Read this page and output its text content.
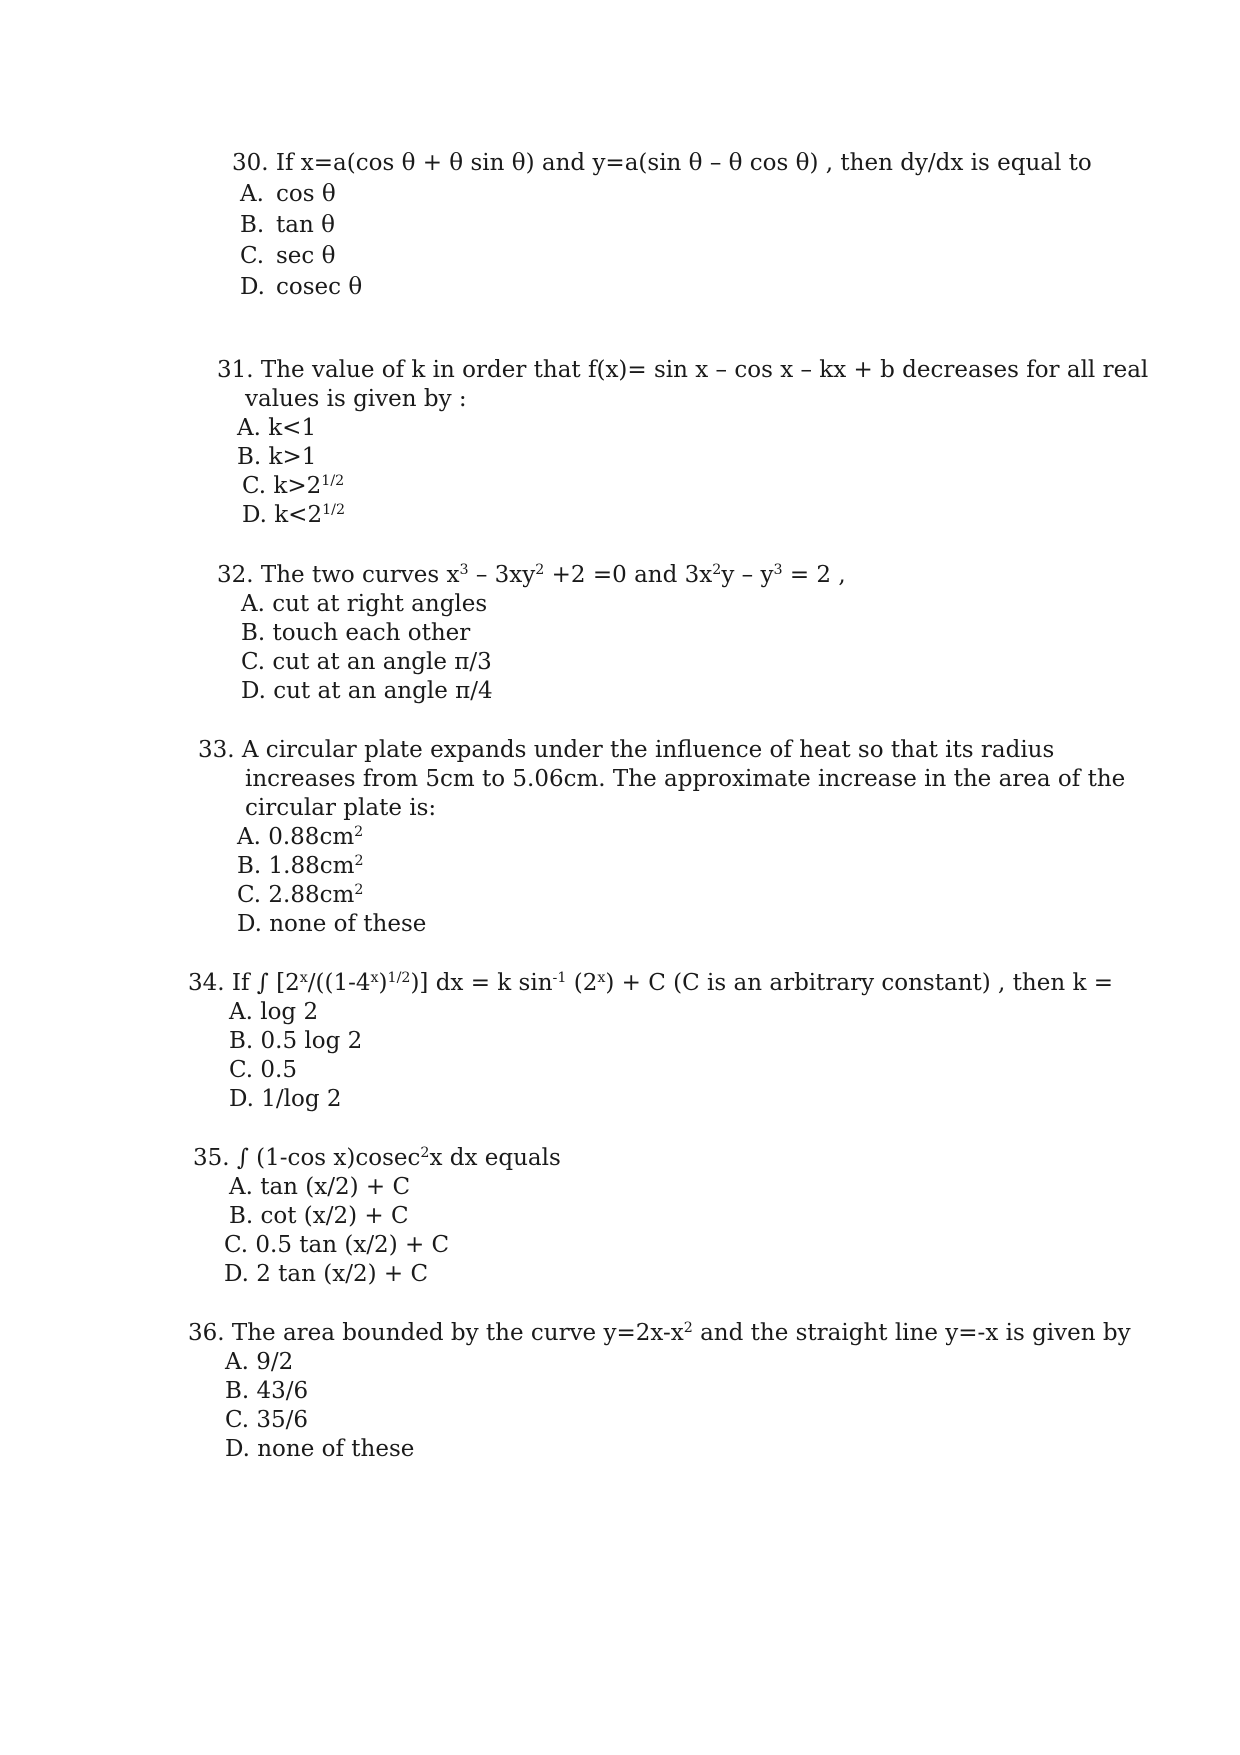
30. If x=a(cos θ + θ sin θ) and y=a(sin θ – θ cos θ) , then dy/dx is equal to
A. cos θ
B. tan θ
C. sec θ
D. cosec θ
31. The value of k in order that f(x)= sin x – cos x – kx + b decreases for all real
values is given by :
A. k<1
B. k>1
C. $k>2^{1/2}$
D. $k<2^{1/2}$
32. The two curves $x^3 - 3xy^2 +2 =0$ and $3x^2y - y^3 = 2$ ,
A. cut at right angles
B. touch each other
C. cut at an angle π/3
D. cut at an angle π/4
33. A circular plate expands under the influence of heat so that its radius
increases from 5cm to 5.06cm. The approximate increase in the area of the
circular plate is:
A. $0.88cm^2$
B. $1.88cm^2$
C. $2.88cm^2$
D. none of these
34. If ∫ $[2^x/((1-4^x)^{1/2})]$ dx = k $\sin^{-1} (2^x) + C$ (C is an arbitrary constant) , then k =
A. log 2
B. 0.5 log 2
C. 0.5
D. 1/log 2
35. ∫ (1-cos x)cosec$^2$x dx equals
A. tan (x/2) + C
B. cot (x/2) + C
C. 0.5 tan (x/2) + C
D. 2 tan (x/2) + C
36. The area bounded by the curve $y=2x-x^2$ and the straight line y=-x is given by
A. 9/2
B. 43/6
C. 35/6
D. none of these
